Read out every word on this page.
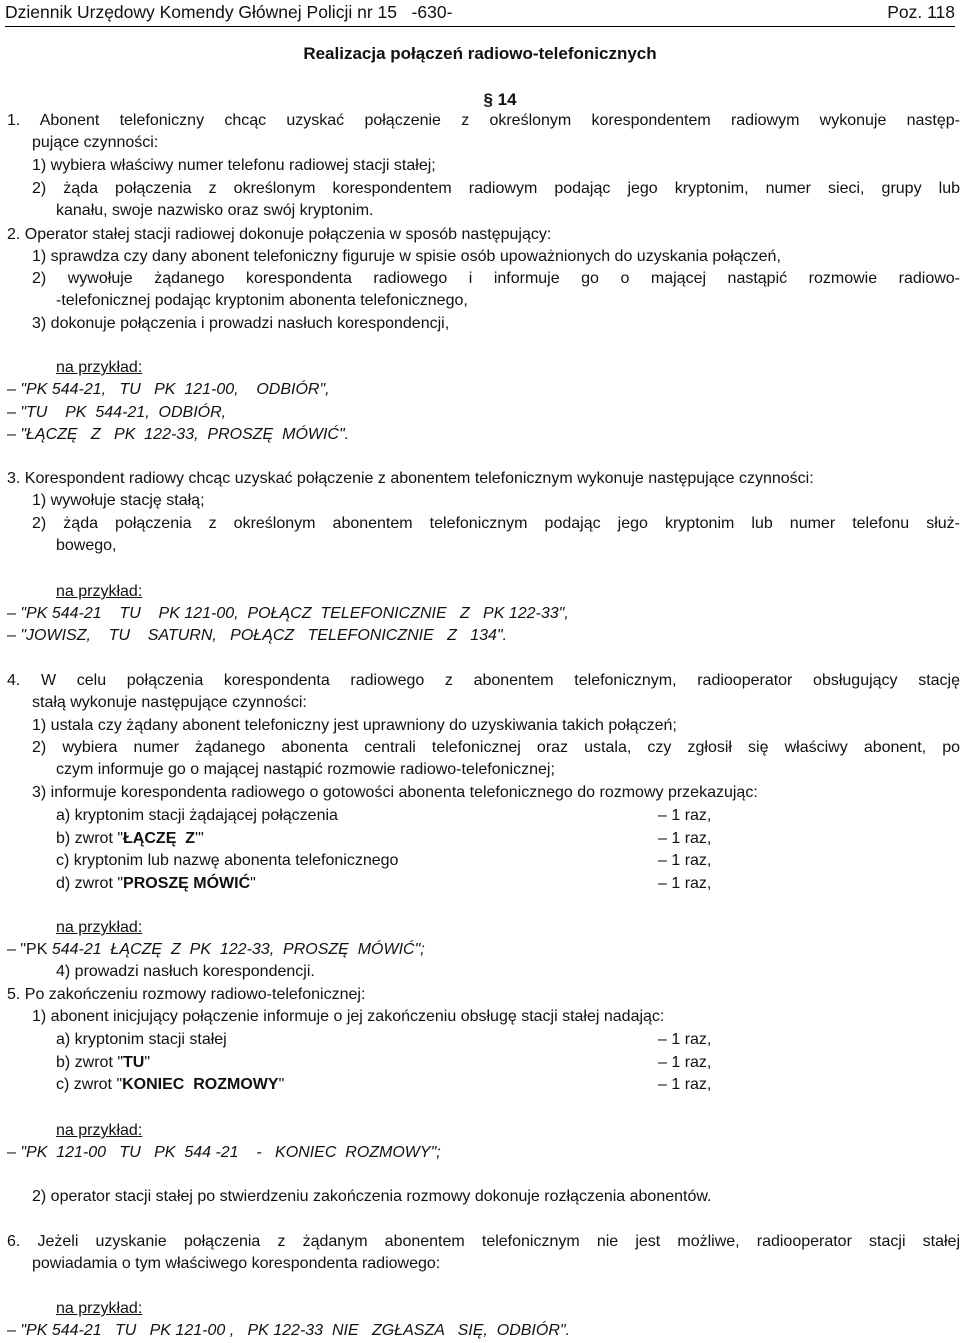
Dziennik Urzędowy Komendy Głównej Policji nr 15   -630-	Poz. 118
Realizacja połączeń radiowo-telefonicznych
§ 14
1. Abonent telefoniczny chcąc uzyskać połączenie z określonym korespondentem radiowym wykonuje następ-
pujące czynności:
1) wybiera właściwy numer telefonu radiowej stacji stałej;
2) żąda połączenia z określonym korespondentem radiowym podając jego kryptonim, numer sieci, grupy lub
kanału, swoje nazwisko oraz swój kryptonim.
2. Operator stałej stacji radiowej dokonuje połączenia w sposób następujący:
1) sprawdza czy dany abonent telefoniczny figuruje w spisie osób upoważnionych do uzyskania połączeń,
2) wywołuje żądanego korespondenta radiowego i informuje go o mającej nastąpić rozmowie radiowo-
-telefonicznej podając kryptonim abonenta telefonicznego,
3) dokonuje połączenia i prowadzi nasłuch korespondencji,
na przykład:
– "PK 544-21,   TU   PK  121-00,    ODBIÓR",
– "TU    PK  544-21,  ODBIÓR,
– "ŁĄCZĘ   Z   PK  122-33,  PROSZĘ  MÓWIĆ".
3. Korespondent radiowy chcąc uzyskać połączenie z abonentem telefonicznym wykonuje następujące czynności:
1) wywołuje stację stałą;
2) żąda połączenia z określonym abonentem telefonicznym podając jego kryptonim lub numer telefonu służ-
bowego,
na przykład:
– "PK 544-21    TU    PK 121-00,  POŁĄCZ  TELEFONICZNIE   Z   PK 122-33",
– "JOWISZ,    TU    SATURN,   POŁĄCZ   TELEFONICZNIE   Z   134".
4. W celu połączenia korespondenta radiowego z abonentem telefonicznym, radiooperator obsługujący stację
stałą wykonuje następujące czynności:
1) ustala czy żądany abonent telefoniczny jest uprawniony do uzyskiwania takich połączeń;
2) wybiera numer żądanego abonenta centrali telefonicznej oraz ustala, czy zgłosił się właściwy abonent, po
czym informuje go o mającej nastąpić rozmowie radiowo-telefonicznej;
3) informuje korespondenta radiowego o gotowości abonenta telefonicznego do rozmowy przekazując:
a) kryptonim stacji żądającej połączenia	– 1 raz,
b) zwrot "ŁĄCZĘ  Z'"	– 1 raz,
c) kryptonim lub nazwę abonenta telefonicznego	– 1 raz,
d) zwrot "PROSZĘ MÓWIĆ"	– 1 raz,
na przykład:
– "PK 544-21  ŁĄCZĘ  Z  PK  122-33,  PROSZĘ  MÓWIĆ";
4) prowadzi nasłuch korespondencji.
5. Po zakończeniu rozmowy radiowo-telefonicznej:
1) abonent inicjujący połączenie informuje o jej zakończeniu obsługę stacji stałej nadając:
a) kryptonim stacji stałej	– 1 raz,
b) zwrot "TU"	– 1 raz,
c) zwrot "KONIEC  ROZMOWY"	– 1 raz,
na przykład:
– "PK  121-00   TU   PK  544 -21    -   KONIEC  ROZMOWY";
2) operator stacji stałej po stwierdzeniu zakończenia rozmowy dokonuje rozłączenia abonentów.
6. Jeżeli uzyskanie połączenia z żądanym abonentem telefonicznym nie jest możliwe, radiooperator stacji stałej
powiadamia o tym właściwego korespondenta radiowego:
na przykład:
– "PK 544-21   TU   PK 121-00 ,   PK 122-33  NIE   ZGŁASZA   SIĘ,  ODBIÓR".
